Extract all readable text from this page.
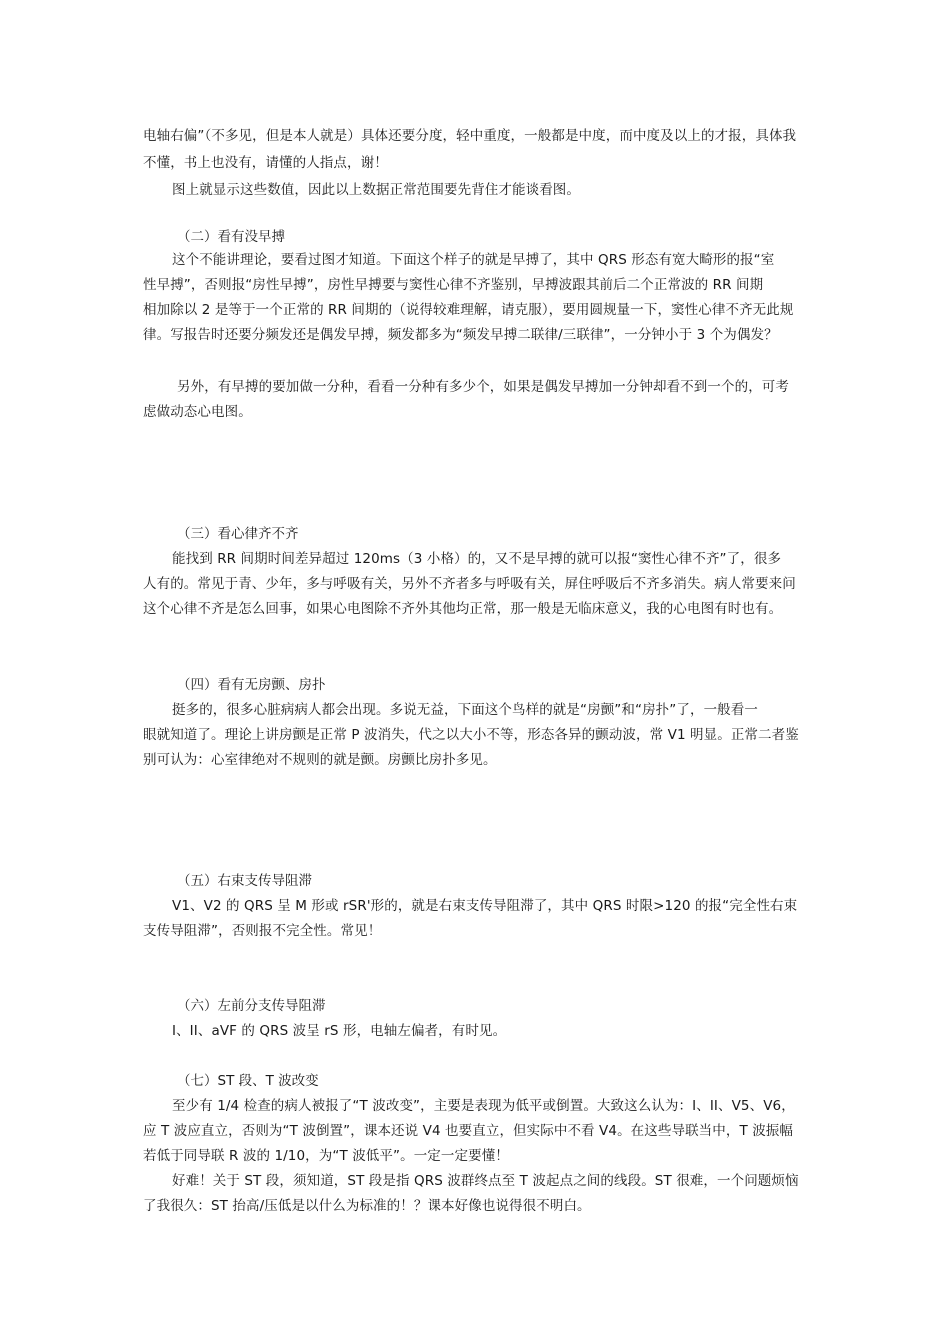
电轴右偏”（不多见，但是本人就是）具体还要分度，轻中重度，一般都是中度，而中度及以上的才报，具体我
不懂，书上也没有，请懂的人指点，谢！
图上就显示这些数值，因此以上数据正常范围要先背住才能谈看图。
（二）看有没早搏
这个不能讲理论，要看过图才知道。下面这个样子的就是早搏了，其中 QRS 形态有宽大畸形的报“室
性早搏”，否则报“房性早搏”，房性早搏要与窦性心律不齐鉴别，早搏波跟其前后二个正常波的 RR 间期
相加除以 2 是等于一个正常的 RR 间期的（说得较难理解，请克服），要用圆规量一下，窦性心律不齐无此规
律。写报告时还要分频发还是偶发早搏，频发都多为“频发早搏二联律/三联律”，一分钟小于 3 个为偶发？
另外，有早搏的要加做一分种，看看一分种有多少个，如果是偶发早搏加一分钟却看不到一个的，可考
虑做动态心电图。
（三）看心律齐不齐
能找到 RR 间期时间差异超过 120ms（3 小格）的，又不是早搏的就可以报“窦性心律不齐”了，很多
人有的。常见于青、少年，多与呼吸有关，另外不齐者多与呼吸有关，屏住呼吸后不齐多消失。病人常要来问
这个心律不齐是怎么回事，如果心电图除不齐外其他均正常，那一般是无临床意义，我的心电图有时也有。
（四）看有无房颤、房扑
挺多的，很多心脏病病人都会出现。多说无益，下面这个鸟样的就是“房颤”和“房扑”了，一般看一
眼就知道了。理论上讲房颤是正常 P 波消失，代之以大小不等，形态各异的颤动波，常 V1 明显。正常二者鉴
别可认为：心室律绝对不规则的就是颤。房颤比房扑多见。
（五）右束支传导阻滞
V1、V2 的 QRS 呈 M 形或 rSR'形的，就是右束支传导阻滞了，其中 QRS 时限>120 的报“完全性右束
支传导阻滞”，否则报不完全性。常见！
（六）左前分支传导阻滞
I、II、aVF 的 QRS 波呈 rS 形，电轴左偏者，有时见。
（七）ST 段、T 波改变
至少有 1/4 检查的病人被报了“T 波改变”，主要是表现为低平或倒置。大致这么认为：I、II、V5、V6，
应 T 波应直立，否则为“T 波倒置”，课本还说 V4 也要直立，但实际中不看 V4。在这些导联当中，T 波振幅
若低于同导联 R 波的 1/10，为“T 波低平”。一定一定要懂！
好难！关于 ST 段，须知道，ST 段是指 QRS 波群终点至 T 波起点之间的线段。ST 很难，一个问题烦恼
了我很久：ST 抬高/压低是以什么为标准的！？课本好像也说得很不明白。
